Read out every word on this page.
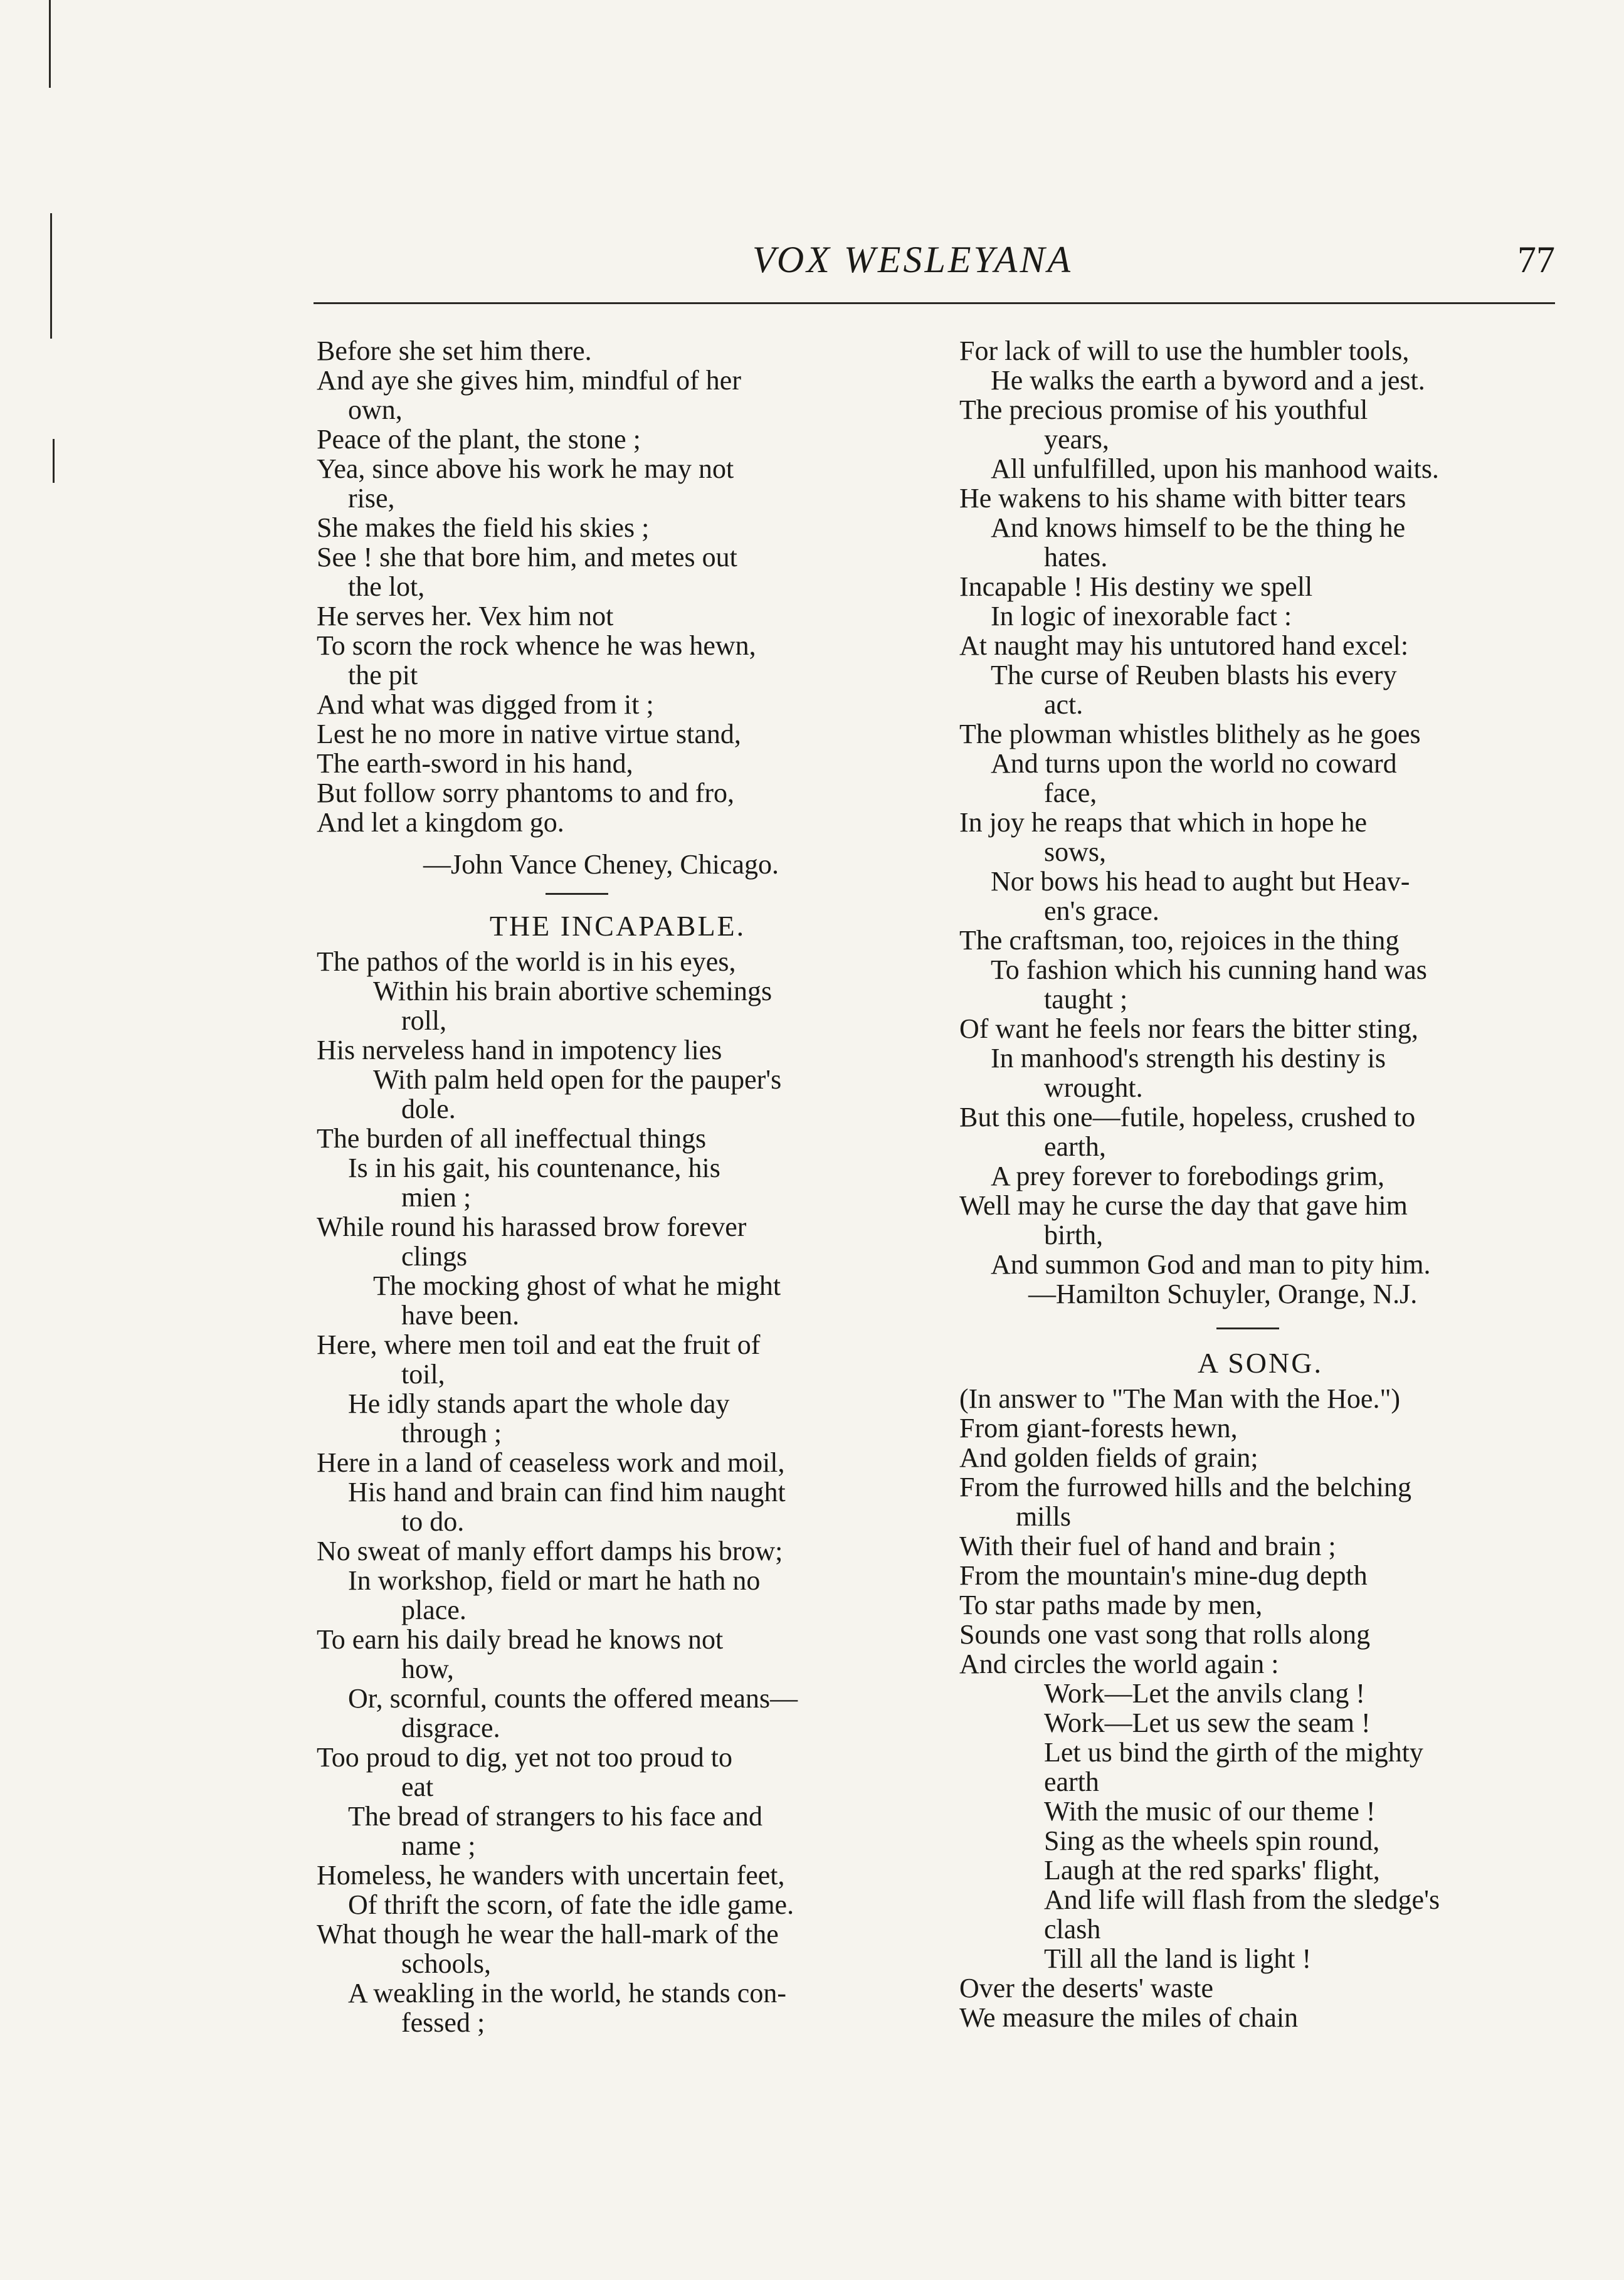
VOX WESLEYANA	77
Before she set him there.
And aye she gives him, mindful of her
own,
Peace of the plant, the stone ;
Yea, since above his work he may not
rise,
She makes the field his skies ;
See ! she that bore him, and metes out
the lot,
He serves her. Vex him not
To scorn the rock whence he was hewn,
the pit
And what was digged from it ;
Lest he no more in native virtue stand,
The earth-sword in his hand,
But follow sorry phantoms to and fro,
And let a kingdom go.
—John Vance Cheney, Chicago.
THE INCAPABLE.
The pathos of the world is in his eyes,
Within his brain abortive schemings
roll,
His nerveless hand in impotency lies
With palm held open for the pauper's
dole.
The burden of all ineffectual things
Is in his gait, his countenance, his
mien ;
While round his harassed brow forever
clings
The mocking ghost of what he might
have been.
Here, where men toil and eat the fruit of
toil,
He idly stands apart the whole day
through ;
Here in a land of ceaseless work and moil,
His hand and brain can find him naught
to do.
No sweat of manly effort damps his brow;
In workshop, field or mart he hath no
place.
To earn his daily bread he knows not
how,
Or, scornful, counts the offered means—
disgrace.
Too proud to dig, yet not too proud to
eat
The bread of strangers to his face and
name ;
Homeless, he wanders with uncertain feet,
Of thrift the scorn, of fate the idle game.
What though he wear the hall-mark of the
schools,
A weakling in the world, he stands con-
fessed ;
For lack of will to use the humbler tools,
He walks the earth a byword and a jest.
The precious promise of his youthful
years,
All unfulfilled, upon his manhood waits.
He wakens to his shame with bitter tears
And knows himself to be the thing he
hates.
Incapable ! His destiny we spell
In logic of inexorable fact :
At naught may his untutored hand excel:
The curse of Reuben blasts his every
act.
The plowman whistles blithely as he goes
And turns upon the world no coward
face,
In joy he reaps that which in hope he
sows,
Nor bows his head to aught but Heav-
en's grace.
The craftsman, too, rejoices in the thing
To fashion which his cunning hand was
taught ;
Of want he feels nor fears the bitter sting,
In manhood's strength his destiny is
wrought.
But this one—futile, hopeless, crushed to
earth,
A prey forever to forebodings grim,
Well may he curse the day that gave him
birth,
And summon God and man to pity him.
—Hamilton Schuyler, Orange, N.J.
A SONG.
(In answer to "The Man with the Hoe.")
From giant-forests hewn,
And golden fields of grain;
From the furrowed hills and the belching
mills
With their fuel of hand and brain ;
From the mountain's mine-dug depth
To star paths made by men,
Sounds one vast song that rolls along
And circles the world again :
Work—Let the anvils clang !
Work—Let us sew the seam !
Let us bind the girth of the mighty
earth
With the music of our theme !
Sing as the wheels spin round,
Laugh at the red sparks' flight,
And life will flash from the sledge's
clash
Till all the land is light !
Over the deserts' waste
We measure the miles of chain
